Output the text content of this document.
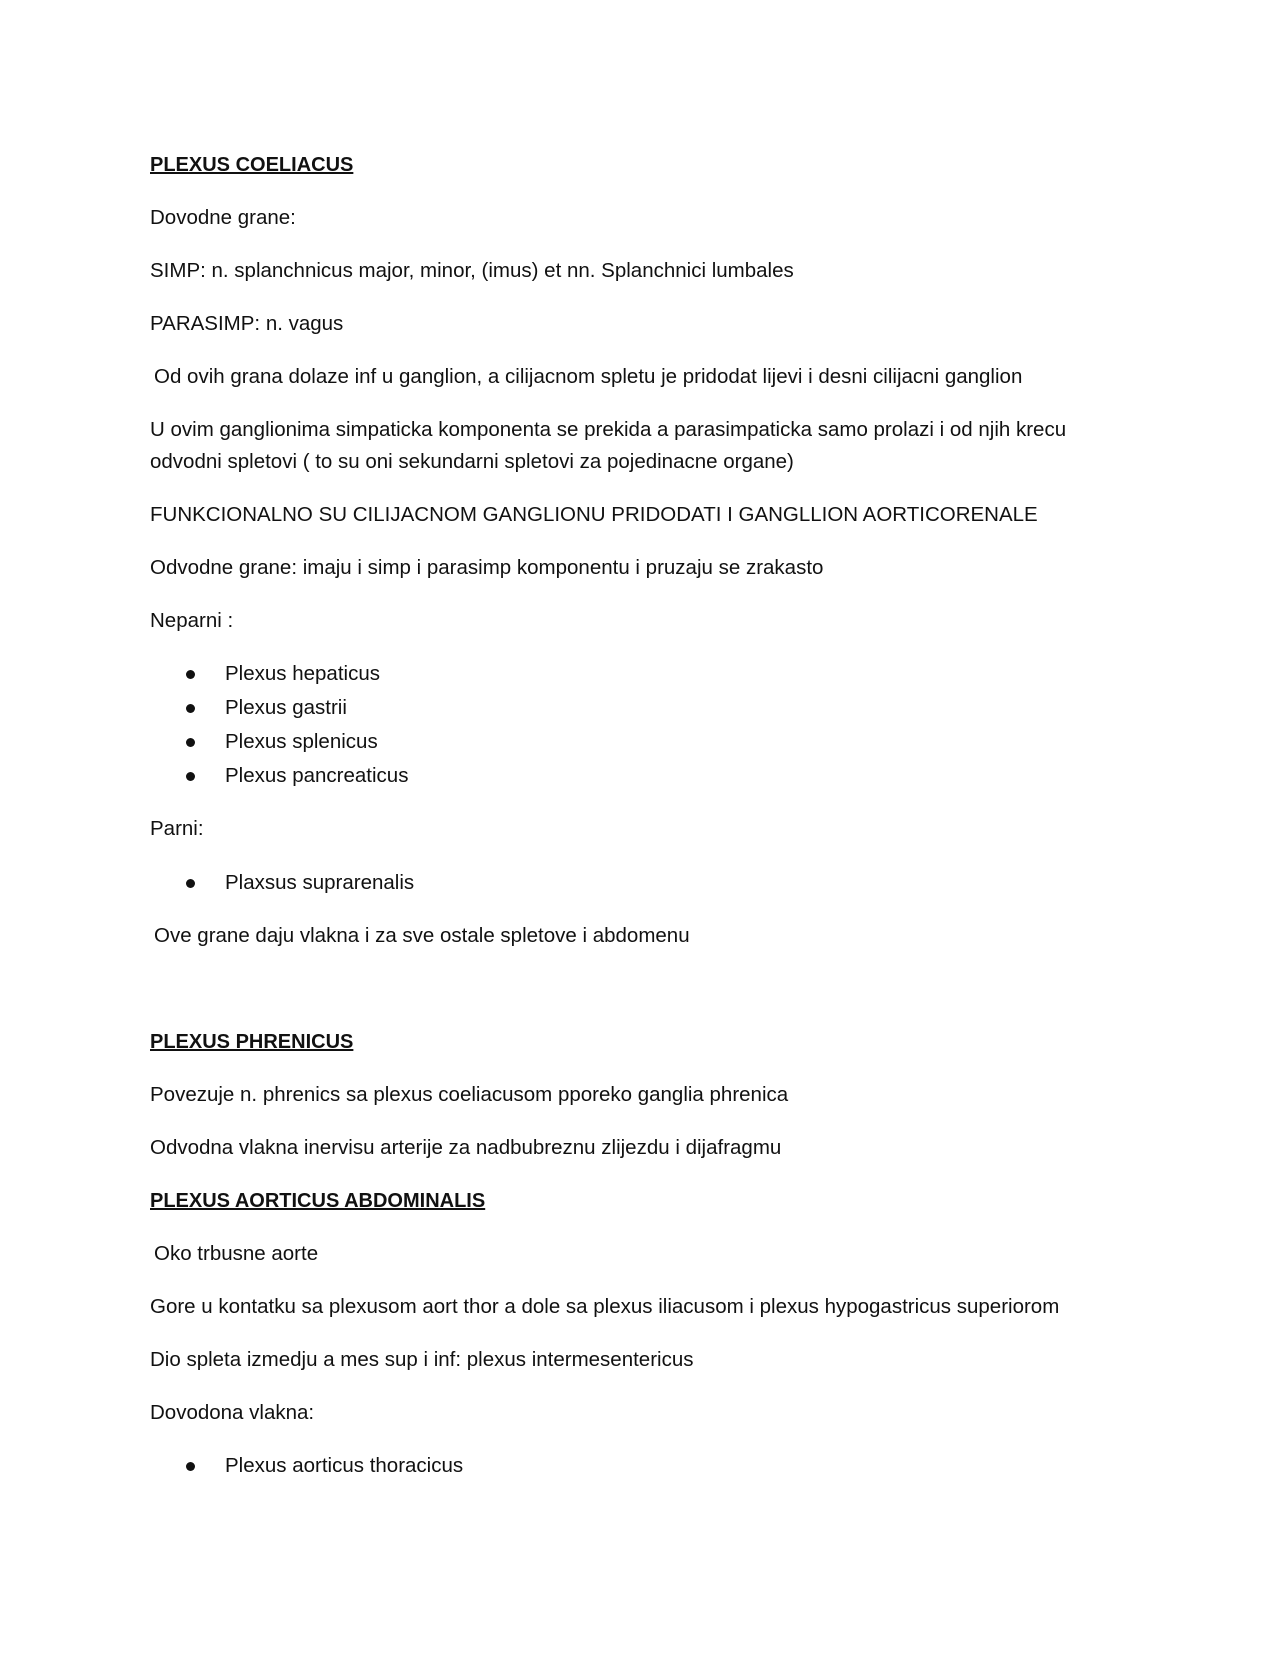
PLEXUS COELIACUS
Dovodne grane:
SIMP: n. splanchnicus major, minor, (imus) et nn. Splanchnici lumbales
PARASIMP: n. vagus
Od ovih grana dolaze inf u ganglion, a cilijacnom spletu je pridodat lijevi i desni cilijacni ganglion
U ovim ganglionima simpaticka komponenta se prekida a parasimpaticka samo prolazi i od njih krecu
odvodni spletovi ( to su oni sekundarni spletovi za pojedinacne organe)
FUNKCIONALNO SU CILIJACNOM GANGLIONU PRIDODATI I GANGLLION AORTICORENALE
Odvodne grane: imaju i simp i parasimp komponentu i pruzaju se zrakasto
Neparni :
Plexus hepaticus
Plexus gastrii
Plexus splenicus
Plexus pancreaticus
Parni:
Plaxsus suprarenalis
Ove grane daju vlakna i za sve ostale spletove i abdomenu
PLEXUS PHRENICUS
Povezuje n. phrenics sa plexus coeliacusom pporeko ganglia phrenica
Odvodna vlakna inervisu arterije za nadbubreznu zlijezdu i dijafragmu
PLEXUS AORTICUS ABDOMINALIS
Oko trbusne aorte
Gore u kontatku sa plexusom aort thor a dole sa plexus iliacusom i plexus hypogastricus superiorom
Dio spleta izmedju a mes sup i inf: plexus intermesentericus
Dovodona vlakna:
Plexus aorticus thoracicus
